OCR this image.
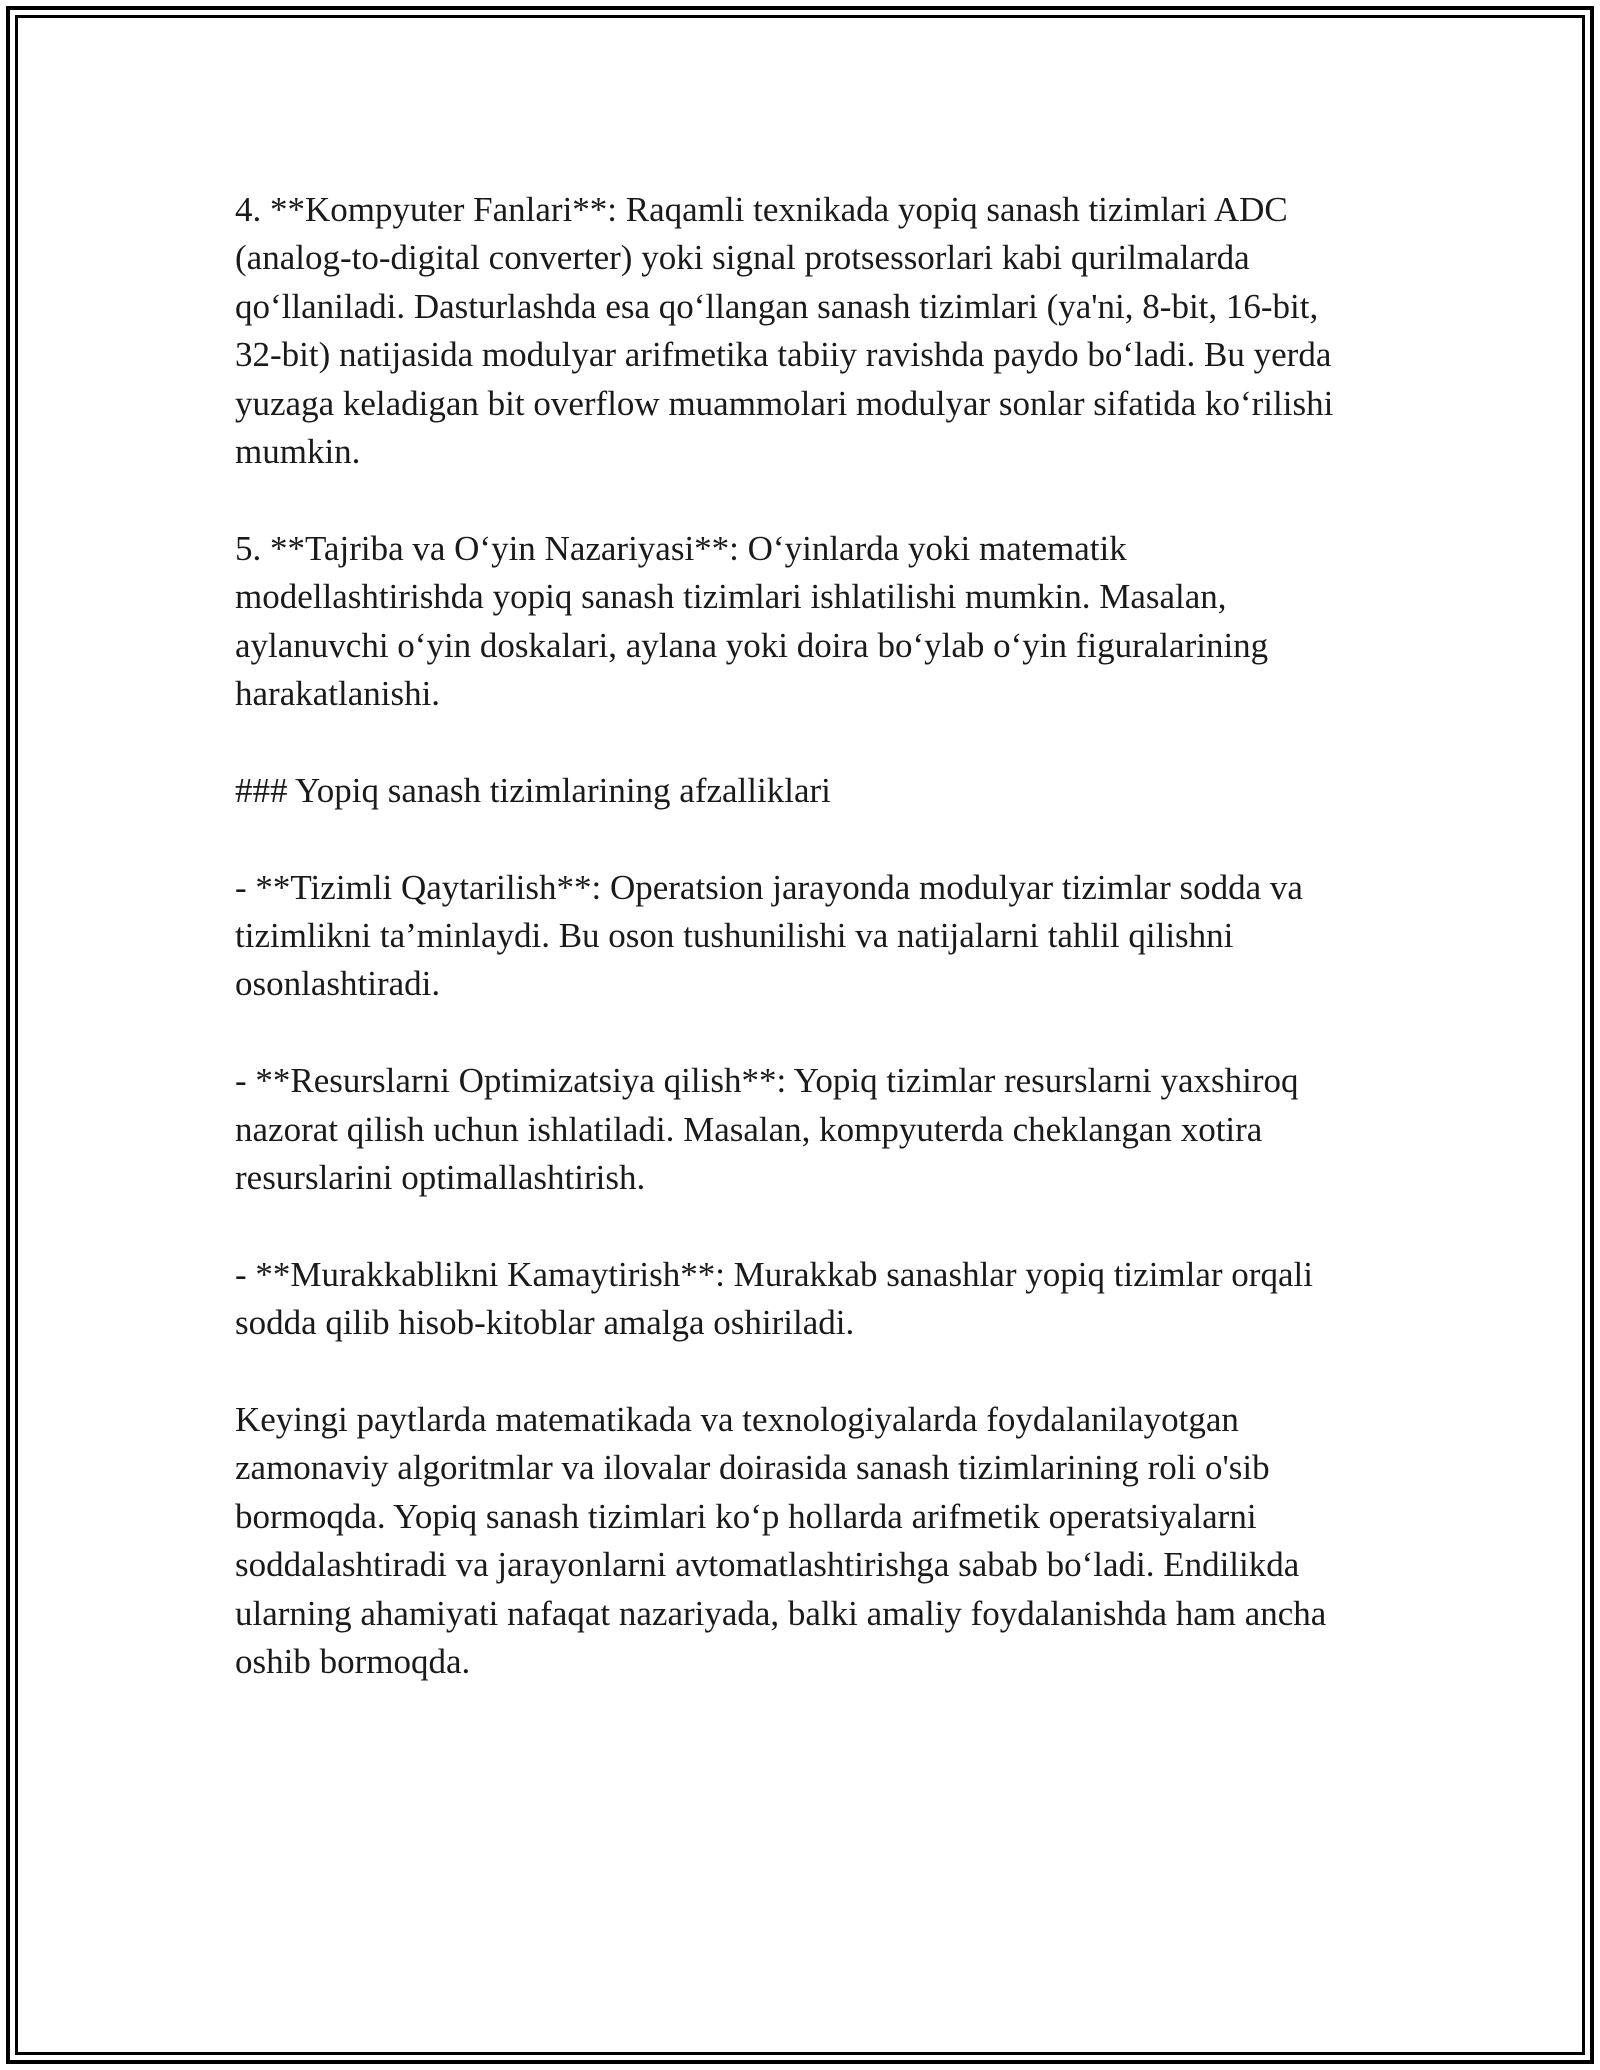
4. **Kompyuter Fanlari**: Raqamli texnikada yopiq sanash tizimlari ADC (analog-to-digital converter) yoki signal protsessorlari kabi qurilmalarda qo‘llaniladi. Dasturlashda esa qo‘llangan sanash tizimlari (ya'ni, 8-bit, 16-bit, 32-bit) natijasida modulyar arifmetika tabiiy ravishda paydo bo‘ladi. Bu yerda yuzaga keladigan bit overflow muammolari modulyar sonlar sifatida ko‘rilishi mumkin.

5. **Tajriba va O‘yin Nazariyasi**: O‘yinlarda yoki matematik modellashtirishda yopiq sanash tizimlari ishlatilishi mumkin. Masalan, aylanuvchi o‘yin doskalari, aylana yoki doira bo‘ylab o‘yin figuralarining harakatlanishi.

### Yopiq sanash tizimlarining afzalliklari

- **Tizimli Qaytarilish**: Operatsion jarayonda modulyar tizimlar sodda va tizimlikni ta’minlaydi. Bu oson tushunilishi va natijalarni tahlil qilishni osonlashtiradi.

- **Resurslarni Optimizatsiya qilish**: Yopiq tizimlar resurslarni yaxshiroq nazorat qilish uchun ishlatiladi. Masalan, kompyuterda cheklangan xotira resurslarini optimallashtirish.

- **Murakkablikni Kamaytirish**: Murakkab sanashlar yopiq tizimlar orqali sodda qilib hisob-kitoblar amalga oshiriladi.

Keyingi paytlarda matematikada va texnologiyalarda foydalanilayotgan zamonaviy algoritmlar va ilovalar doirasida sanash tizimlarining roli o'sib bormoqda. Yopiq sanash tizimlari ko‘p hollarda arifmetik operatsiyalarni soddalashtiradi va jarayonlarni avtomatlashtirishga sabab bo‘ladi. Endilikda ularning ahamiyati nafaqat nazariyada, balki amaliy foydalanishda ham ancha oshib bormoqda.
